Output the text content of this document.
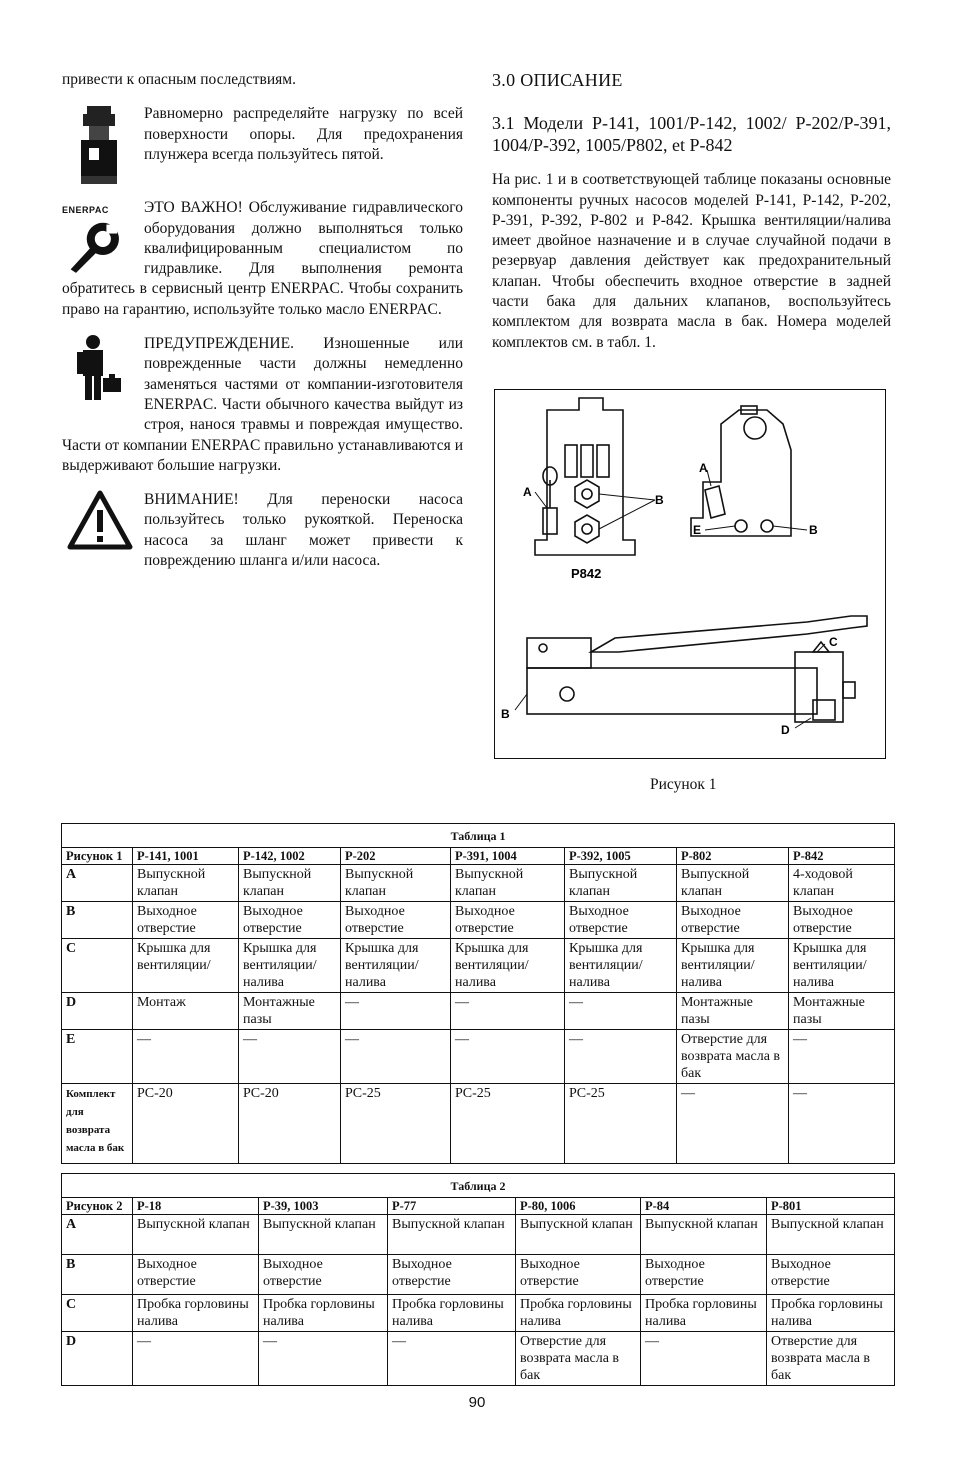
привести к опасным последствиям.

Равномерно распределяйте нагрузку по всей поверхности опоры. Для предохранения плунжера всегда пользуйтесь пятой.

ENERPAC	ЭТО ВАЖНО! Обслуживание гидравлического оборудования должно выполняться только квалифицированным специалистом по гидравлике. Для выполнения ремонта обратитесь в сервисный центр ENERPAC. Чтобы сохранить право на гарантию, используйте только масло ENERPAC.

ПРЕДУПРЕЖДЕНИЕ. Изношенные или поврежденные части должны немедленно заменяться частями от компании-изготовителя ENERPAC. Части обычного качества выйдут из строя, нанося травмы и повреждая имущество. Части от компании ENERPAC правильно устанавливаются и выдерживают большие нагрузки.

ВНИМАНИЕ! Для переноски насоса пользуйтесь только рукояткой. Переноска насоса за шланг может привести к повреждению шланга и/или насоса.

3.0 ОПИСАНИЕ
3.1 Модели P-141, 1001/P-142, 1002/ P-202/P-391, 1004/P-392, 1005/P802, et P-842

На рис. 1 и в соответствующей таблице показаны основные компоненты ручных насосов моделей P-141, P-142, P-202, P-391, P-392, P-802 и P-842. Крышка вентиляции/налива имеет двойное назначение и в случае случайной подачи в резервуар давления действует как предохранительный клапан. Чтобы обеспечить входное отверстие в задней части бака для дальних клапанов, воспользуйтесь комплектом для возврата масла в бак. Номера моделей комплектов см. в табл. 1.

A
B
P842
A
E	B
C
B
D
Рисунок 1
Таблица 1							
Рисунок 1	P-141, 1001	P-142, 1002	P-202	P-391, 1004	P-392, 1005	P-802	P-842
A	Выпускной клапан	Выпускной клапан	Выпускной клапан	Выпускной клапан	Выпускной клапан	Выпускной клапан	4-ходовой клапан
B	Выходное отверстие	Выходное отверстие	Выходное отверстие	Выходное отверстие	Выходное отверстие	Выходное отверстие	Выходное отверстие
C	Крышка для вентиляции/	Крышка для вентиляции/ налива	Крышка для вентиляции/ налива	Крышка для вентиляции/ налива	Крышка для вентиляции/ налива	Крышка для вентиляции/ налива	Крышка для вентиляции/ налива
D	Монтаж	Монтажные пазы	—	—	—	Монтажные пазы	Монтажные пазы
E	—	—	—	—	—	Отверстие для возврата масла в бак	—
Комплект для возврата масла в бак	PC-20	PC-20	PC-25	PC-25	PC-25	—	—
Таблица 2						
Рисунок 2	P-18	P-39, 1003	P-77	P-80, 1006	P-84	P-801
A	Выпускной клапан	Выпускной клапан	Выпускной клапан	Выпускной клапан	Выпускной клапан	Выпускной клапан
B	Выходное отверстие	Выходное отверстие	Выходное отверстие	Выходное отверстие	Выходное отверстие	Выходное отверстие
C	Пробка горловины налива	Пробка горловины налива	Пробка горловины налива	Пробка горловины налива	Пробка горловины налива	Пробка горловины налива
D	—	—	—	Отверстие для возврата масла в бак	—	Отверстие для возврата масла в бак
90
